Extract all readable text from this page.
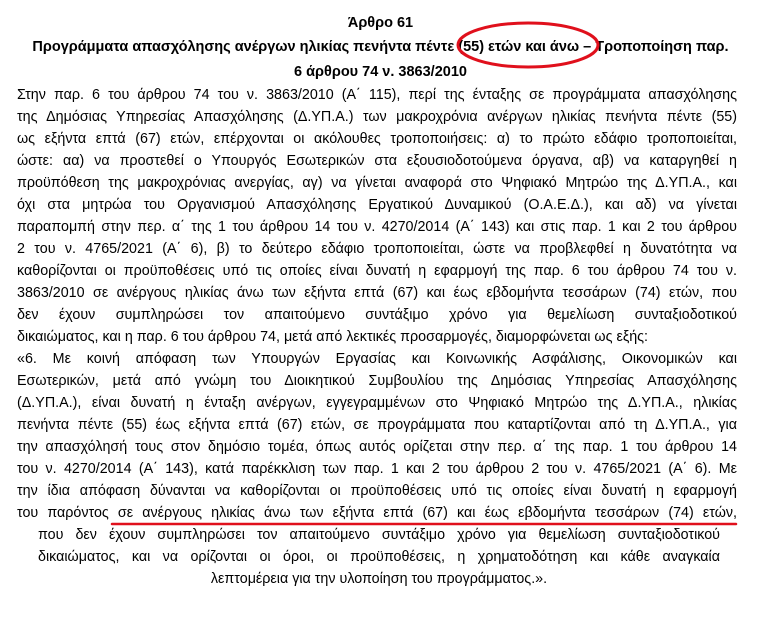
Άρθρο 61
Προγράμματα απασχόλησης ανέργων ηλικίας πενήντα πέντε (55) ετών και άνω – Τροποποίηση παρ.
6 άρθρου 74 ν. 3863/2010
Στην παρ. 6 του άρθρου 74 του ν. 3863/2010 (Α΄ 115), περί της ένταξης σε προγράμματα απασχόλησης
της Δημόσιας Υπηρεσίας Απασχόλησης (Δ.ΥΠ.Α.) των μακροχρόνια ανέργων ηλικίας πενήντα πέντε (55)
ως εξήντα επτά (67) ετών, επέρχονται οι ακόλουθες τροποποιήσεις: α) το πρώτο εδάφιο τροποποιείται,
ώστε: αα) να προστεθεί ο Υπουργός Εσωτερικών στα εξουσιοδοτούμενα όργανα, αβ) να καταργηθεί η
προϋπόθεση της μακροχρόνιας ανεργίας, αγ) να γίνεται αναφορά στο Ψηφιακό Μητρώο της Δ.ΥΠ.Α., και
όχι στα μητρώα του Οργανισμού Απασχόλησης Εργατικού Δυναμικού (Ο.Α.Ε.Δ.), και αδ) να γίνεται
παραπομπή στην περ. α΄ της 1 του άρθρου 14 του ν. 4270/2014 (Α΄ 143) και στις παρ. 1 και 2 του άρθρου
2 του ν. 4765/2021 (Α΄ 6), β) το δεύτερο εδάφιο τροποποιείται, ώστε να προβλεφθεί η δυνατότητα να
καθορίζονται οι προϋποθέσεις υπό τις οποίες είναι δυνατή η εφαρμογή της παρ. 6 του άρθρου 74 του ν.
3863/2010 σε ανέργους ηλικίας άνω των εξήντα επτά (67) και έως εβδομήντα τεσσάρων (74) ετών, που
δεν έχουν συμπληρώσει τον απαιτούμενο συντάξιμο χρόνο για θεμελίωση συνταξιοδοτικού
δικαιώματος, και η παρ. 6 του άρθρου 74, μετά από λεκτικές προσαρμογές, διαμορφώνεται ως εξής:
«6. Με κοινή απόφαση των Υπουργών Εργασίας και Κοινωνικής Ασφάλισης, Οικονομικών και
Εσωτερικών, μετά από γνώμη του Διοικητικού Συμβουλίου της Δημόσιας Υπηρεσίας Απασχόλησης
(Δ.ΥΠ.Α.), είναι δυνατή η ένταξη ανέργων, εγγεγραμμένων στο Ψηφιακό Μητρώο της Δ.ΥΠ.Α., ηλικίας
πενήντα πέντε (55) έως εξήντα επτά (67) ετών, σε προγράμματα που καταρτίζονται από τη Δ.ΥΠ.Α., για
την απασχόλησή τους στον δημόσιο τομέα, όπως αυτός ορίζεται στην περ. α΄ της παρ. 1 του άρθρου 14
του ν. 4270/2014 (Α΄ 143), κατά παρέκκλιση των παρ. 1 και 2 του άρθρου 2 του ν. 4765/2021 (Α΄ 6). Με
την ίδια απόφαση δύνανται να καθορίζονται οι προϋποθέσεις υπό τις οποίες είναι δυνατή η εφαρμογή
του παρόντος σε ανέργους ηλικίας άνω των εξήντα επτά (67) και έως εβδομήντα τεσσάρων (74) ετών,
που δεν έχουν συμπληρώσει τον απαιτούμενο συντάξιμο χρόνο για θεμελίωση συνταξιοδοτικού
δικαιώματος, και να ορίζονται οι όροι, οι προϋποθέσεις, η χρηματοδότηση και κάθε αναγκαία
λεπτομέρεια για την υλοποίηση του προγράμματος.».
